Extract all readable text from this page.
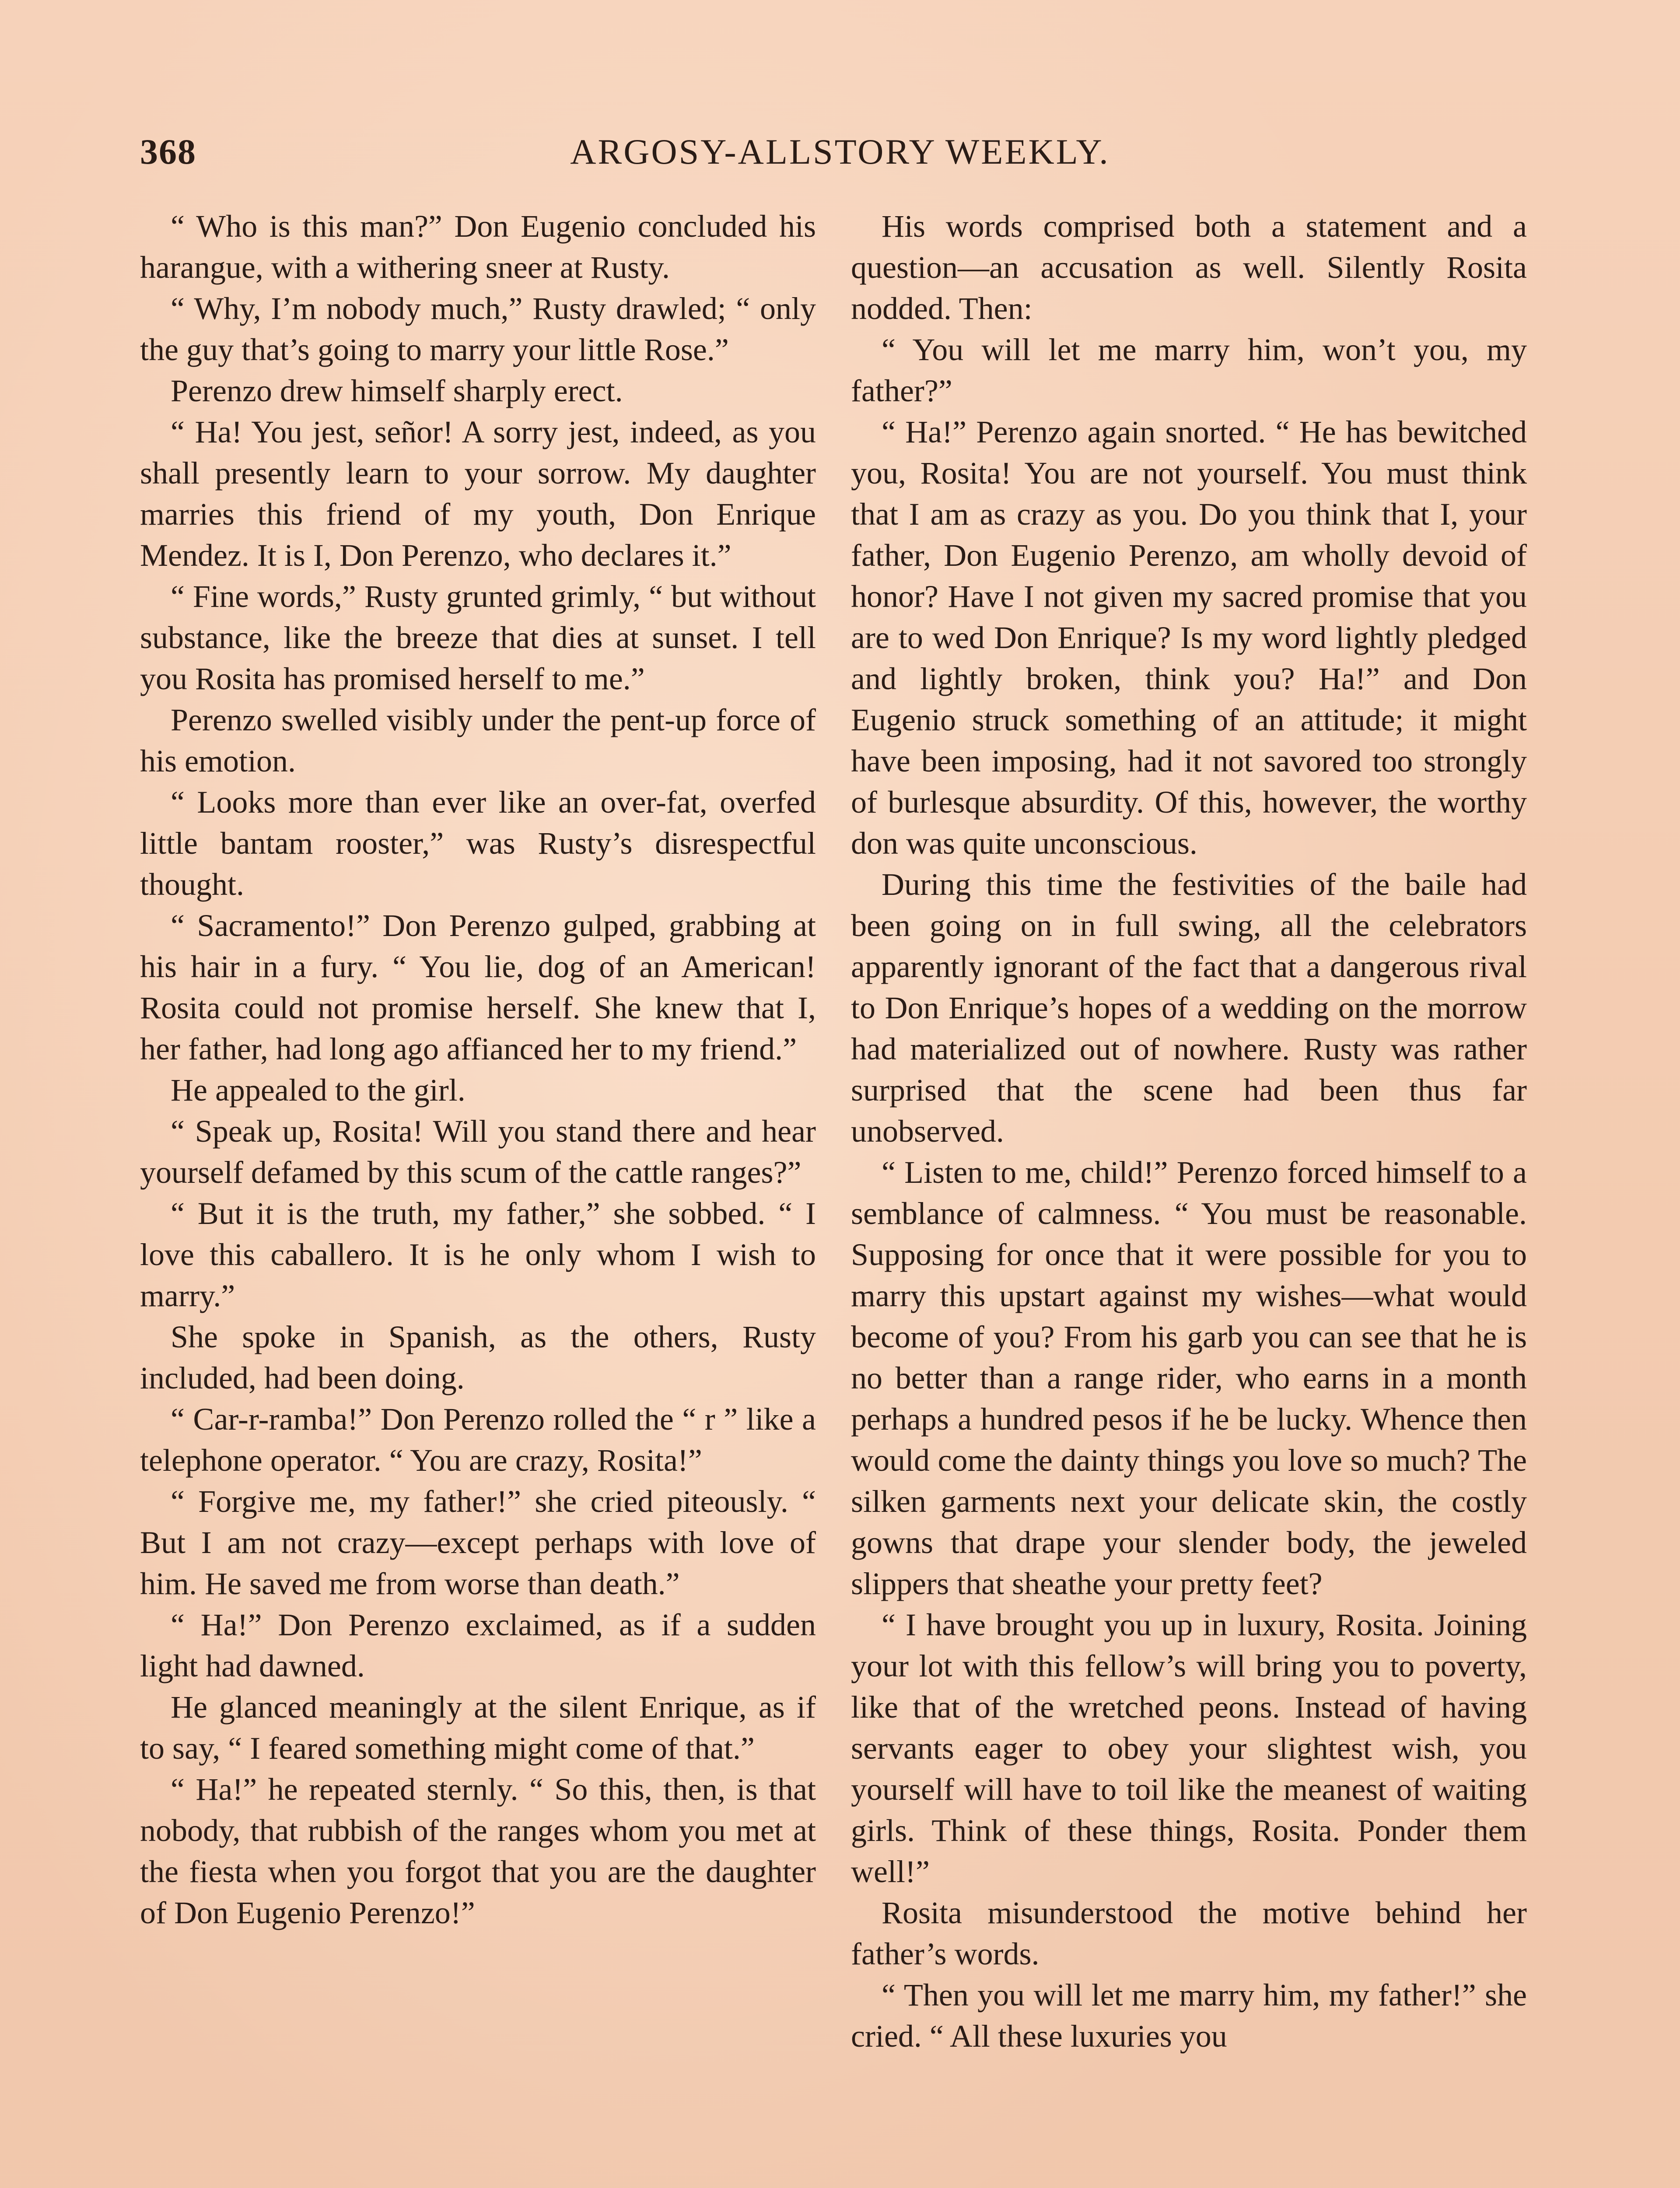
368	ARGOSY-ALLSTORY WEEKLY.

“ Who is this man?” Don Eugenio concluded his harangue, with a withering sneer at Rusty.

“ Why, I’m nobody much,” Rusty drawled; “ only the guy that’s going to marry your little Rose.”

Perenzo drew himself sharply erect.

“ Ha! You jest, señor! A sorry jest, indeed, as you shall presently learn to your sorrow. My daughter marries this friend of my youth, Don Enrique Mendez. It is I, Don Perenzo, who declares it.”

“ Fine words,” Rusty grunted grimly, “ but without substance, like the breeze that dies at sunset. I tell you Rosita has promised herself to me.”

Perenzo swelled visibly under the pent-up force of his emotion.

“ Looks more than ever like an over-fat, overfed little bantam rooster,” was Rusty’s disrespectful thought.

“ Sacramento!” Don Perenzo gulped, grabbing at his hair in a fury. “ You lie, dog of an American! Rosita could not promise herself. She knew that I, her father, had long ago affianced her to my friend.”

He appealed to the girl.

“ Speak up, Rosita! Will you stand there and hear yourself defamed by this scum of the cattle ranges?”

“ But it is the truth, my father,” she sobbed. “ I love this caballero. It is he only whom I wish to marry.”

She spoke in Spanish, as the others, Rusty included, had been doing.

“ Car-r-ramba!” Don Perenzo rolled the “ r ” like a telephone operator. “ You are crazy, Rosita!”

“ Forgive me, my father!” she cried piteously. “ But I am not crazy—except perhaps with love of him. He saved me from worse than death.”

“ Ha!” Don Perenzo exclaimed, as if a sudden light had dawned.

He glanced meaningly at the silent Enrique, as if to say, “ I feared something might come of that.”

“ Ha!” he repeated sternly. “ So this, then, is that nobody, that rubbish of the ranges whom you met at the fiesta when you forgot that you are the daughter of Don Eugenio Perenzo!”

His words comprised both a statement and a question—an accusation as well. Silently Rosita nodded. Then:

“ You will let me marry him, won’t you, my father?”

“ Ha!” Perenzo again snorted. “ He has bewitched you, Rosita! You are not yourself. You must think that I am as crazy as you. Do you think that I, your father, Don Eugenio Perenzo, am wholly devoid of honor? Have I not given my sacred promise that you are to wed Don Enrique? Is my word lightly pledged and lightly broken, think you? Ha!” and Don Eugenio struck something of an attitude; it might have been imposing, had it not savored too strongly of burlesque absurdity. Of this, however, the worthy don was quite unconscious.

During this time the festivities of the baile had been going on in full swing, all the celebrators apparently ignorant of the fact that a dangerous rival to Don Enrique’s hopes of a wedding on the morrow had materialized out of nowhere. Rusty was rather surprised that the scene had been thus far unobserved.

“ Listen to me, child!” Perenzo forced himself to a semblance of calmness. “ You must be reasonable. Supposing for once that it were possible for you to marry this upstart against my wishes—what would become of you? From his garb you can see that he is no better than a range rider, who earns in a month perhaps a hundred pesos if he be lucky. Whence then would come the dainty things you love so much? The silken garments next your delicate skin, the costly gowns that drape your slender body, the jeweled slippers that sheathe your pretty feet?

“ I have brought you up in luxury, Rosita. Joining your lot with this fellow’s will bring you to poverty, like that of the wretched peons. Instead of having servants eager to obey your slightest wish, you yourself will have to toil like the meanest of waiting girls. Think of these things, Rosita. Ponder them well!”

Rosita misunderstood the motive behind her father’s words.

“ Then you will let me marry him, my father!” she cried. “ All these luxuries you
